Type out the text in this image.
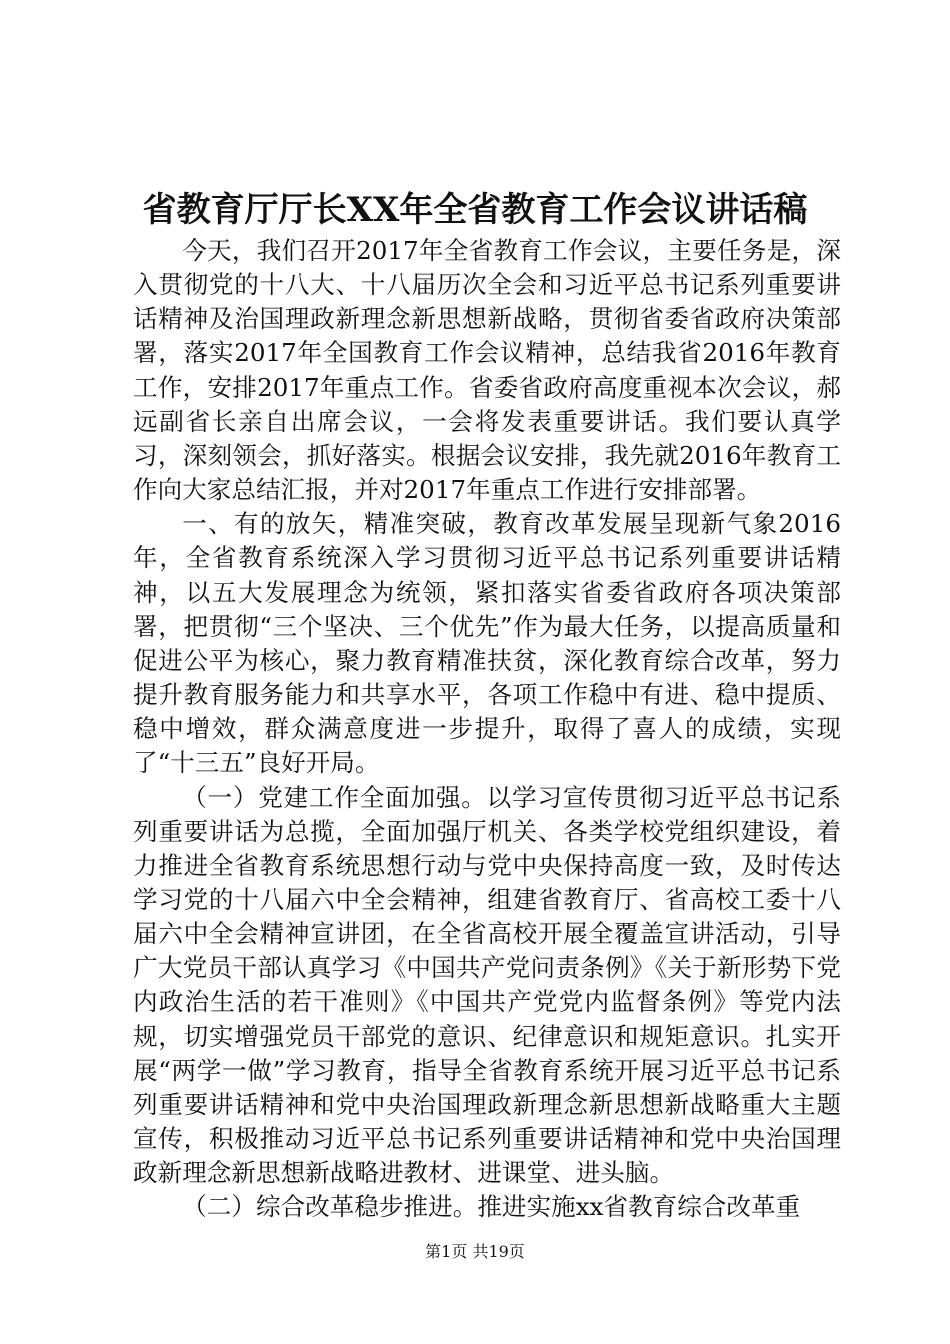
省教育厅厅长XX年全省教育工作会议讲话稿

今天，我们召开2017年全省教育工作会议，主要任务是，深入贯彻党的十八大、十八届历次全会和习近平总书记系列重要讲话精神及治国理政新理念新思想新战略，贯彻省委省政府决策部署，落实2017年全国教育工作会议精神，总结我省2016年教育工作，安排2017年重点工作。省委省政府高度重视本次会议，郝远副省长亲自出席会议，一会将发表重要讲话。我们要认真学习，深刻领会，抓好落实。根据会议安排，我先就2016年教育工作向大家总结汇报，并对2017年重点工作进行安排部署。

一、有的放矢，精准突破，教育改革发展呈现新气象2016年，全省教育系统深入学习贯彻习近平总书记系列重要讲话精神，以五大发展理念为统领，紧扣落实省委省政府各项决策部署，把贯彻“三个坚决、三个优先”作为最大任务，以提高质量和促进公平为核心，聚力教育精准扶贫，深化教育综合改革，努力提升教育服务能力和共享水平，各项工作稳中有进、稳中提质、稳中增效，群众满意度进一步提升，取得了喜人的成绩，实现了“十三五”良好开局。

（一）党建工作全面加强。以学习宣传贯彻习近平总书记系列重要讲话为总揽，全面加强厅机关、各类学校党组织建设，着力推进全省教育系统思想行动与党中央保持高度一致，及时传达学习党的十八届六中全会精神，组建省教育厅、省高校工委十八届六中全会精神宣讲团，在全省高校开展全覆盖宣讲活动，引导广大党员干部认真学习《中国共产党问责条例》《关于新形势下党内政治生活的若干准则》《中国共产党党内监督条例》等党内法规，切实增强党员干部党的意识、纪律意识和规矩意识。扎实开展“两学一做”学习教育，指导全省教育系统开展习近平总书记系列重要讲话精神和党中央治国理政新理念新思想新战略重大主题宣传，积极推动习近平总书记系列重要讲话精神和党中央治国理政新理念新思想新战略进教材、进课堂、进头脑。

（二）综合改革稳步推进。推进实施xx省教育综合改革重

第1页 共19页
